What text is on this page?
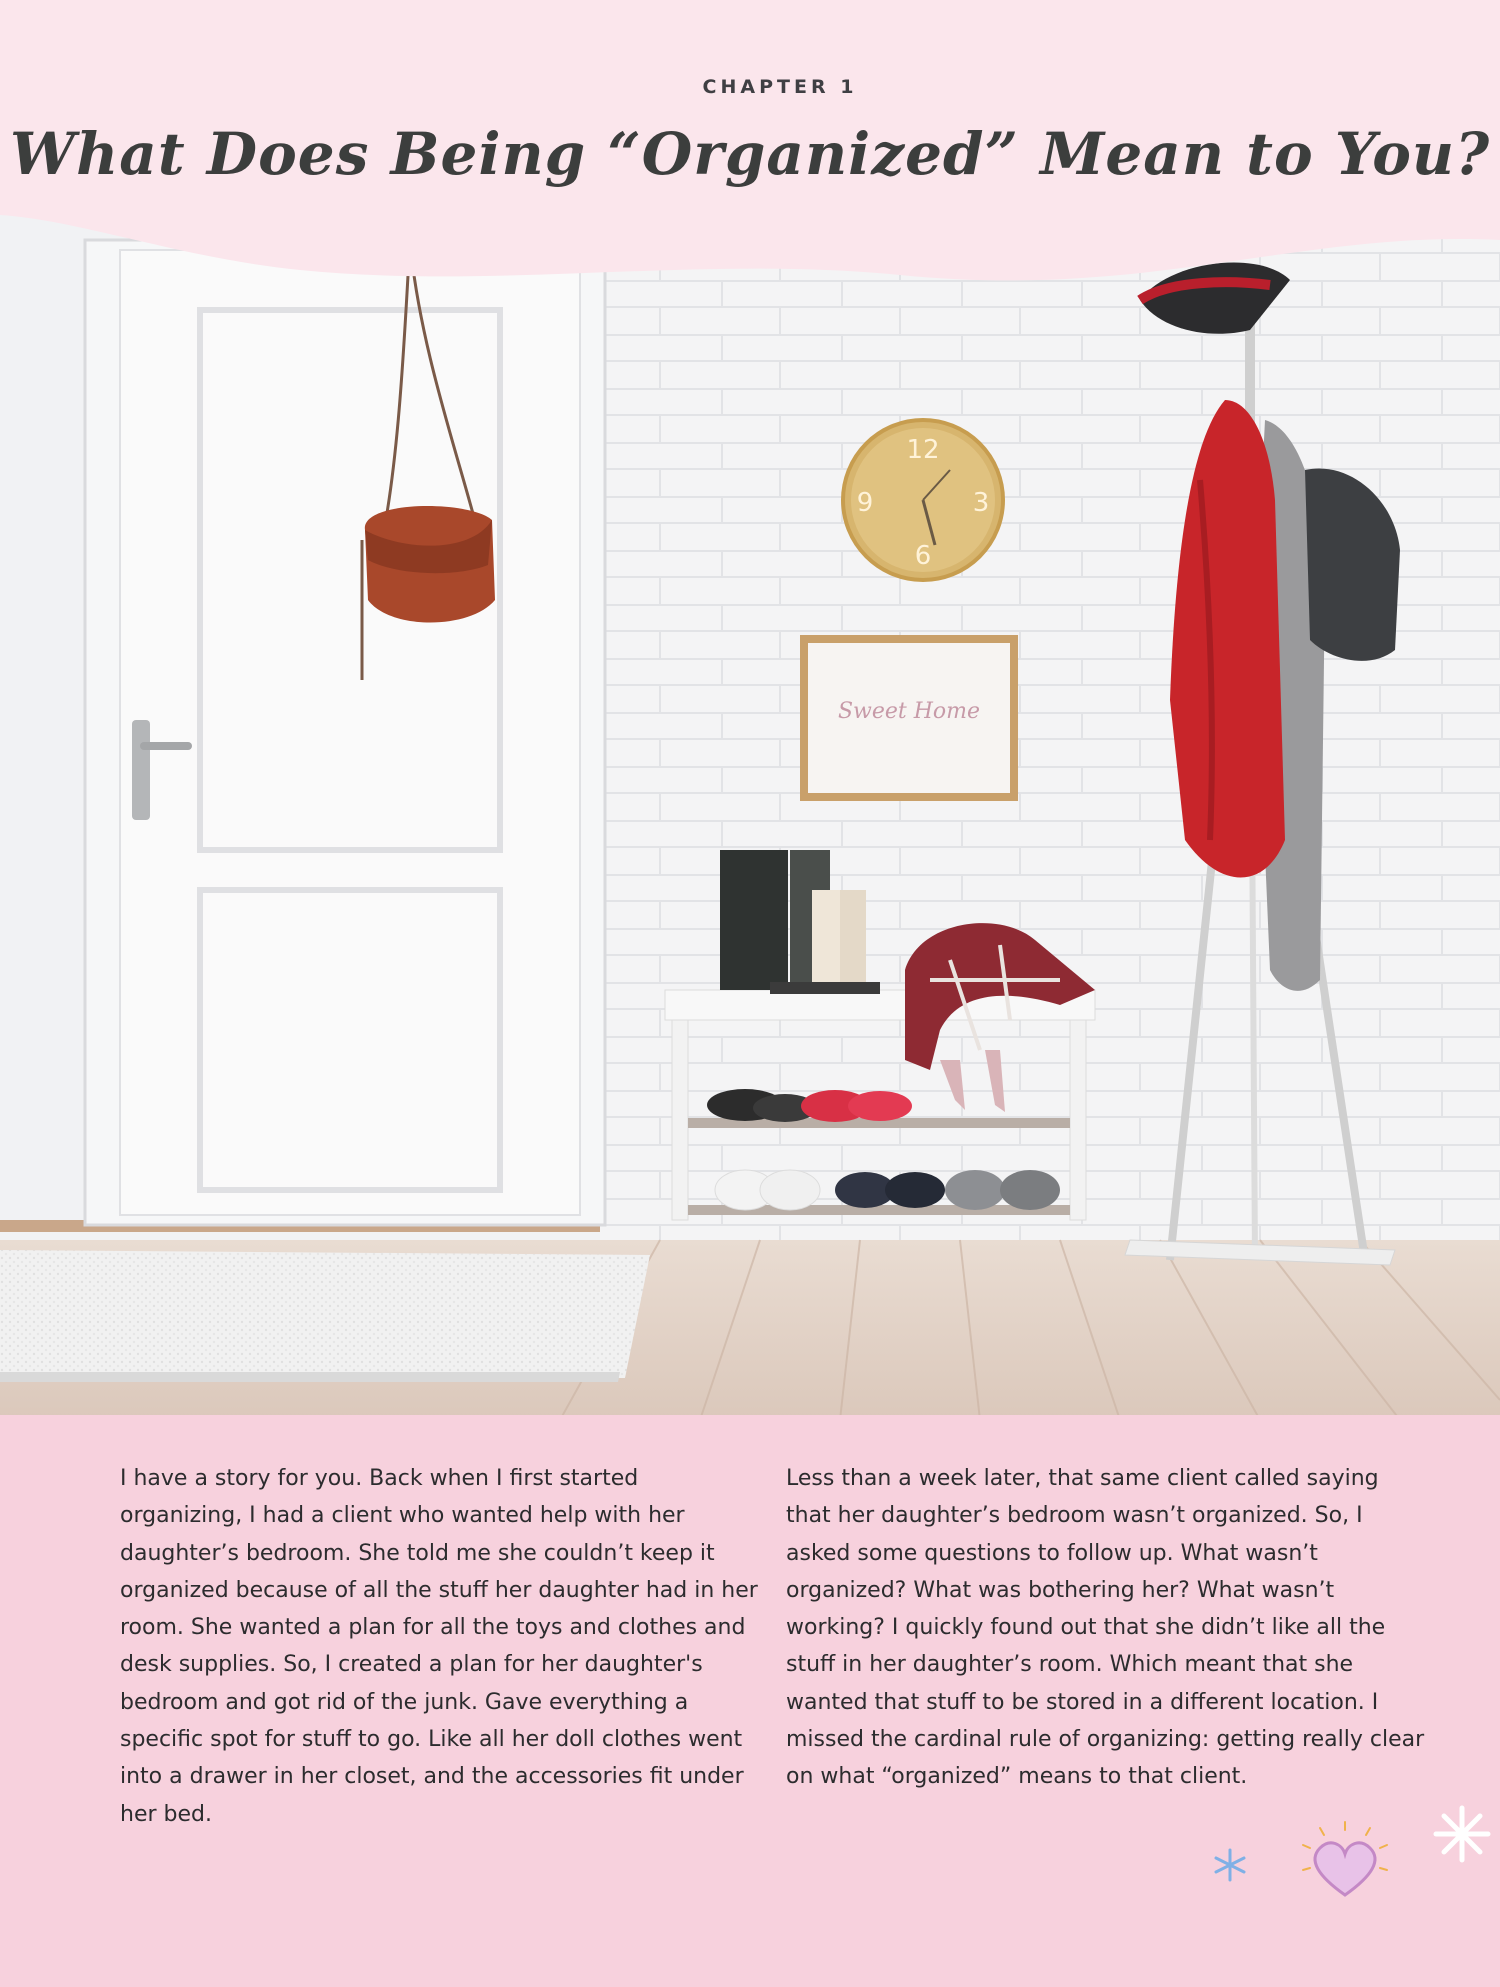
12
3
6
9
Sweet Home
CHAPTER 1
What Does Being “Organized” Mean to You?

I have a story for you. Back when I first started organizing, I had a client who wanted help with her daughter’s bedroom. She told me she couldn’t keep it organized because of all the stuff her daughter had in her room. She wanted a plan for all the toys and clothes and desk supplies. So, I created a plan for her daughter's bedroom and got rid of the junk. Gave everything a specific spot for stuff to go. Like all her doll clothes went into a drawer in her closet, and the accessories fit under her bed.

Less than a week later, that same client called saying that her daughter’s bedroom wasn’t organized. So, I asked some questions to follow up. What wasn’t organized? What was bothering her? What wasn’t working? I quickly found out that she didn’t like all the stuff in her daughter’s room. Which meant that she wanted that stuff to be stored in a different location. I missed the cardinal rule of organizing: getting really clear on what “organized” means to that client.
